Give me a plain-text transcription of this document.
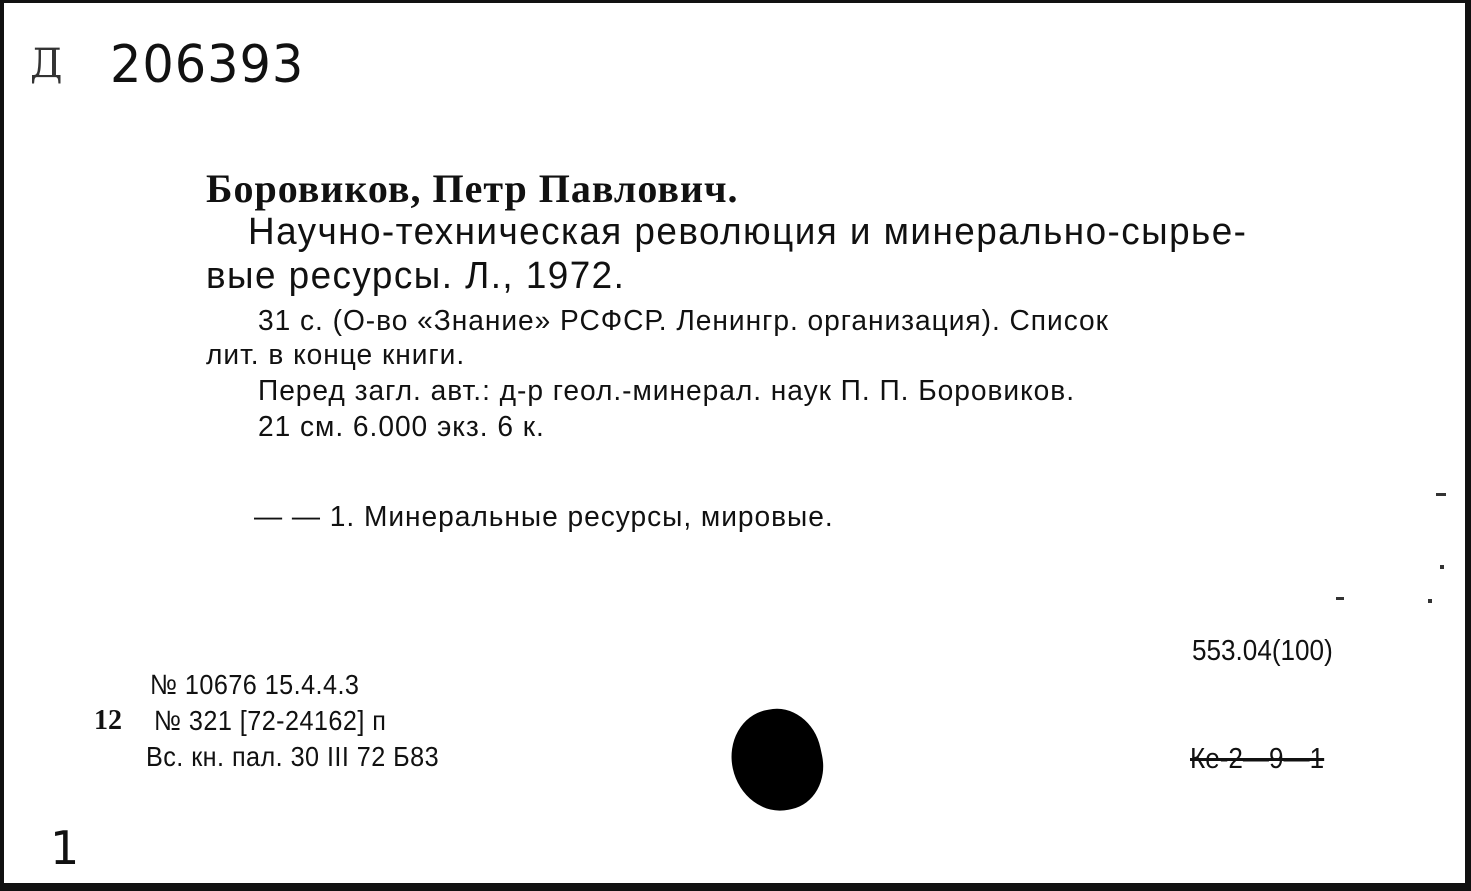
Д 206393
Боровиков, Петр Павлович.
Научно-техническая революция и минерально-сырье-
вые ресурсы. Л., 1972.
31 с. (О-во «Знание» РСФСР. Ленингр. организация). Список
лит. в конце книги.
Перед загл. авт.: д-р геол.-минерал. наук П. П. Боровиков.
21 см. 6.000 экз. 6 к.
— — 1. Минеральные ресурсы, мировые.
553.04(100)
№ 10676 15.4.4.3
12 № 321 [72-24162] п
Вс. кн. пал. 30 III 72 Б83	Ке-2—9—1
1
